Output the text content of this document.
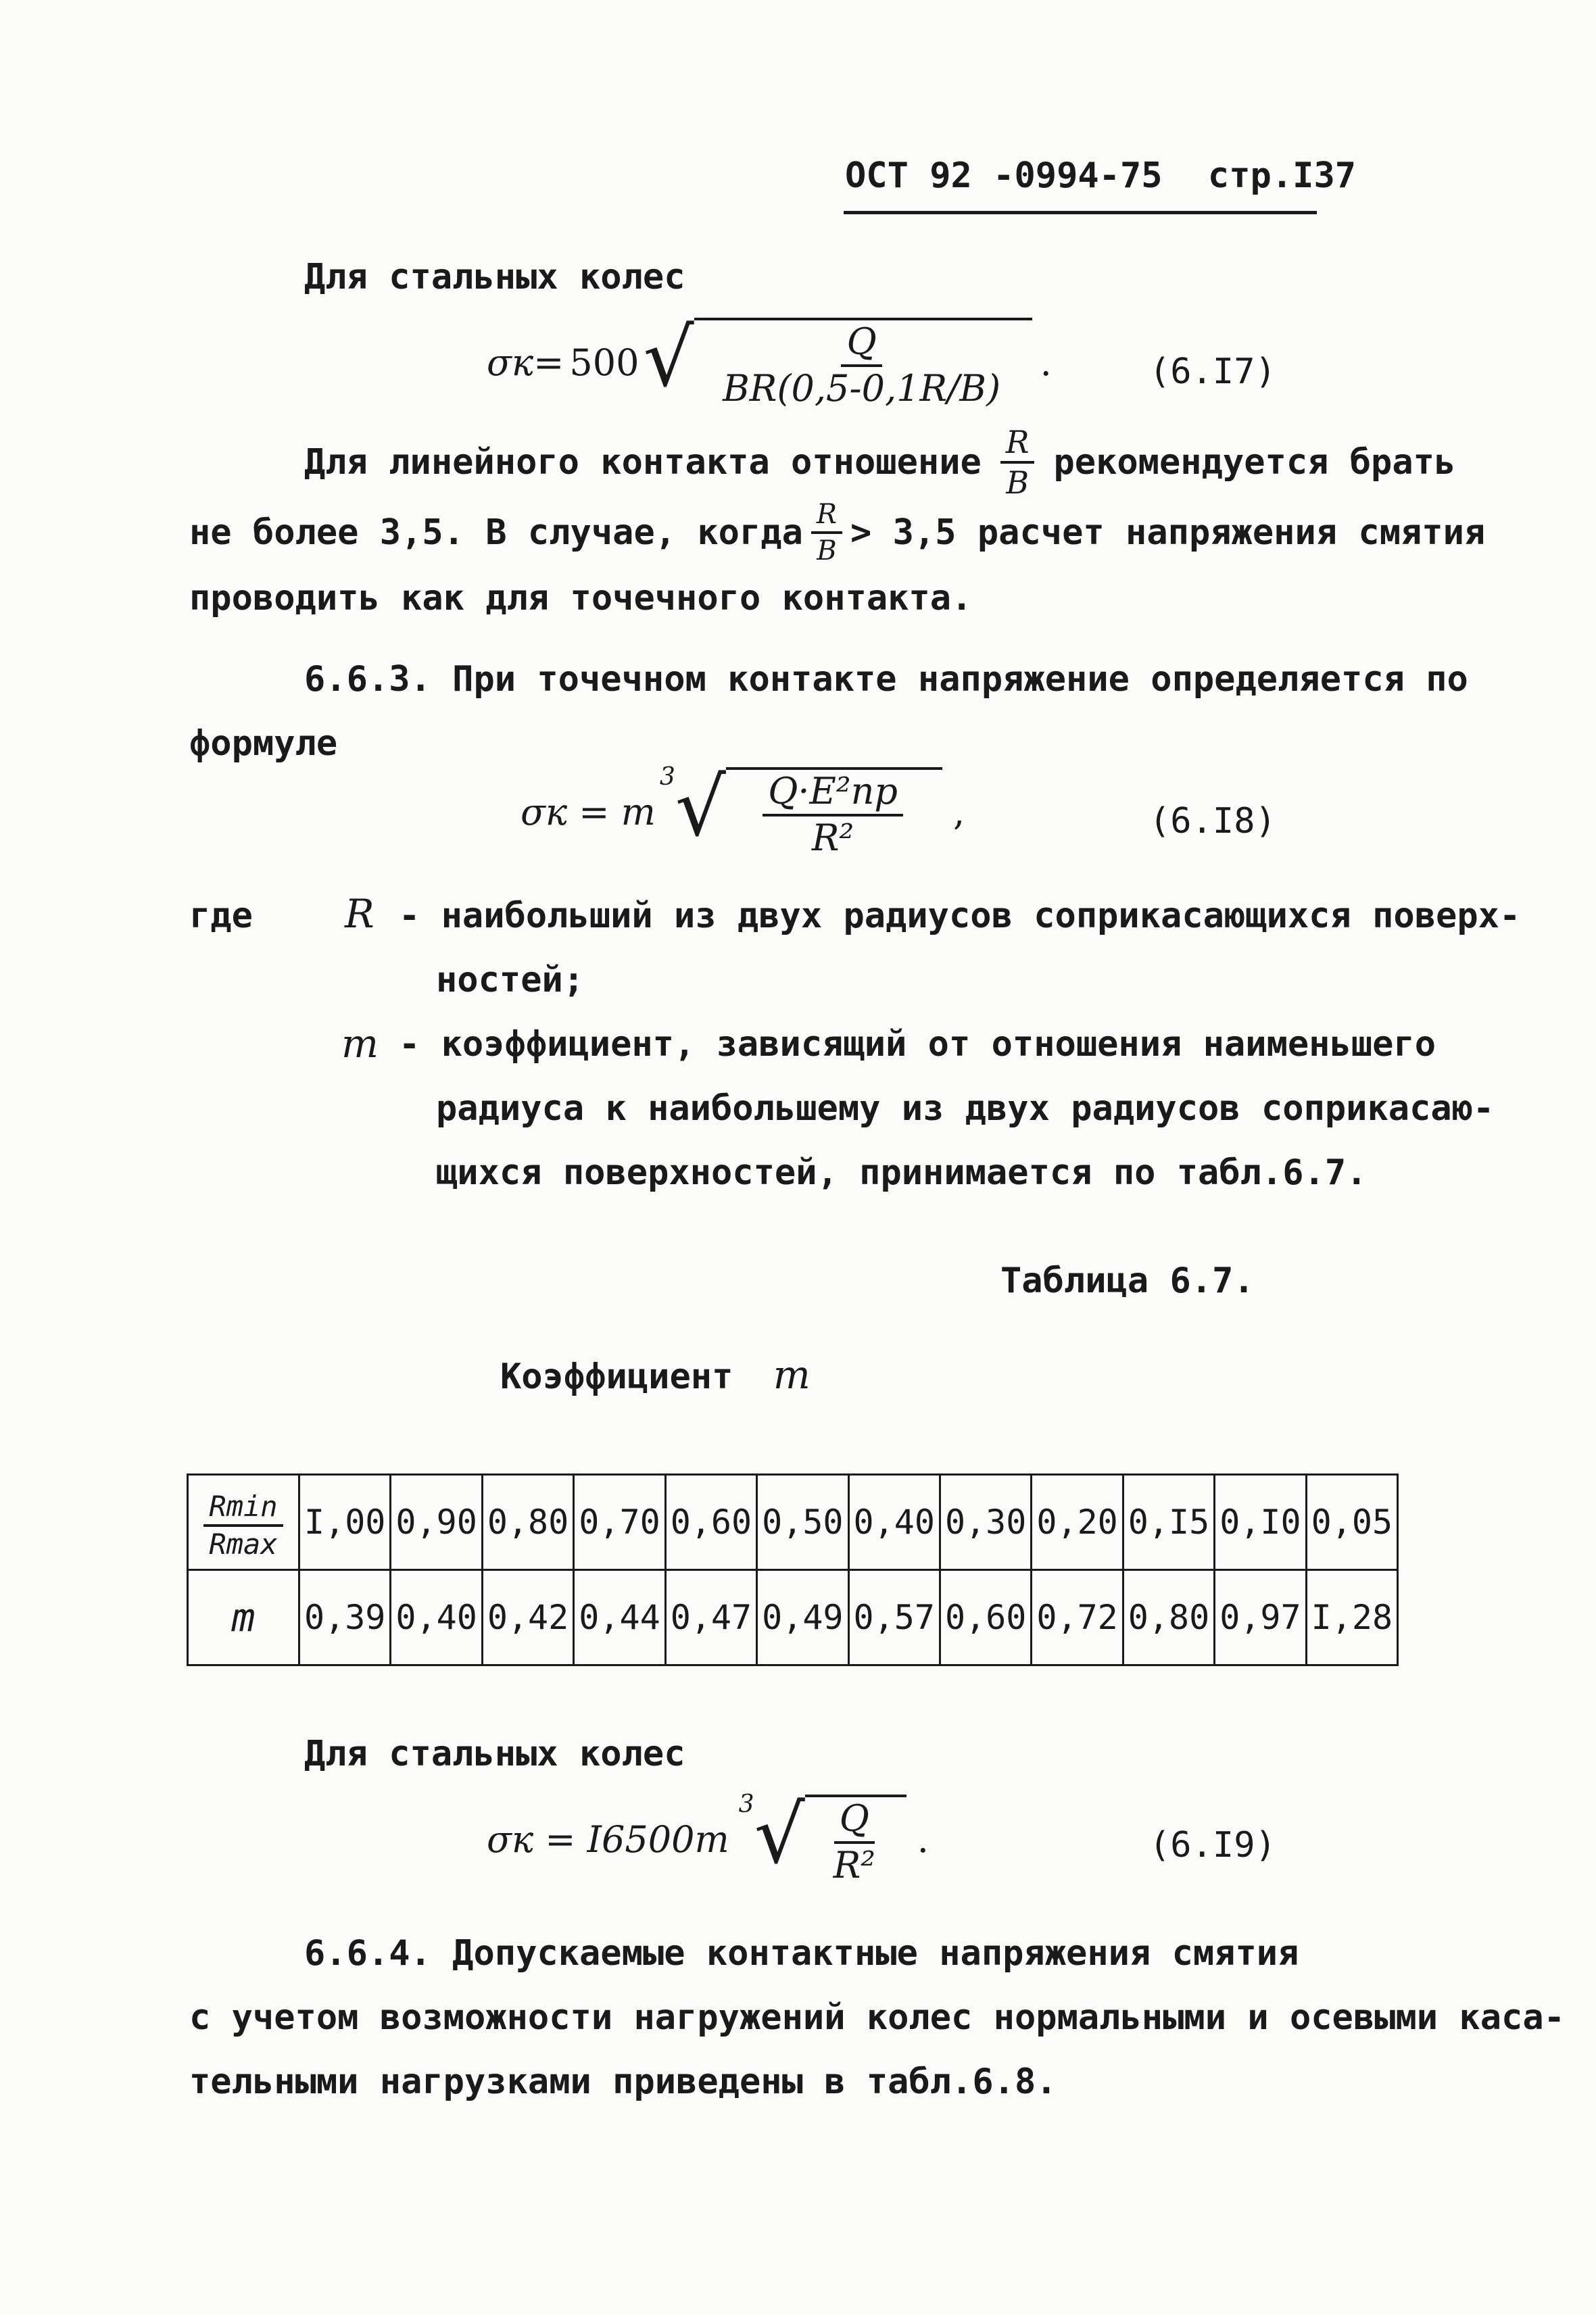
ОСТ 92 -0994-75 стр.I37
Для стальных колес
σк= 500 √ $\frac{Q}{BR(0,5-0,1R/B)}$ .	(6.I7)
Для линейного контакта отношение $\frac{R}{B}$ рекомендуется брать
не более 3,5. В случае, когда $\frac{R}{B} > 3,5$ расчет напряжения смятия
проводить как для точечного контакта.
6.6.3. При точечном контакте напряжение определяется по
формуле
σк = m
3 √ $\frac{\text{Q·E²пр}}{\text{R²}}$ ,	(6.I8)
где R - наибольший из двух радиусов соприкасающихся поверх-
ностей;
m - коэффициент, зависящий от отношения наименьшего
радиуса к наибольшему из двух радиусов соприкасаю-
щихся поверхностей, принимается по табл.6.7.
Таблица 6.7.
Коэффициент m
$\frac{Rmin}{Rmax}$	I,00	0,90	0,80	0,70	0,60	0,50	0,40	0,30	0,20	0,I5	0,I0	0,05
m	0,39	0,40	0,42	0,44	0,47	0,49	0,57	0,60	0,72	0,80	0,97	I,28
Для стальных колес
σк = I6500m
3 √ $\frac{Q}{\text{R²}}$ .	(6.I9)
6.6.4. Допускаемые контактные напряжения смятия
с учетом возможности нагружений колес нормальными и осевыми каса-
тельными нагрузками приведены в табл.6.8.
